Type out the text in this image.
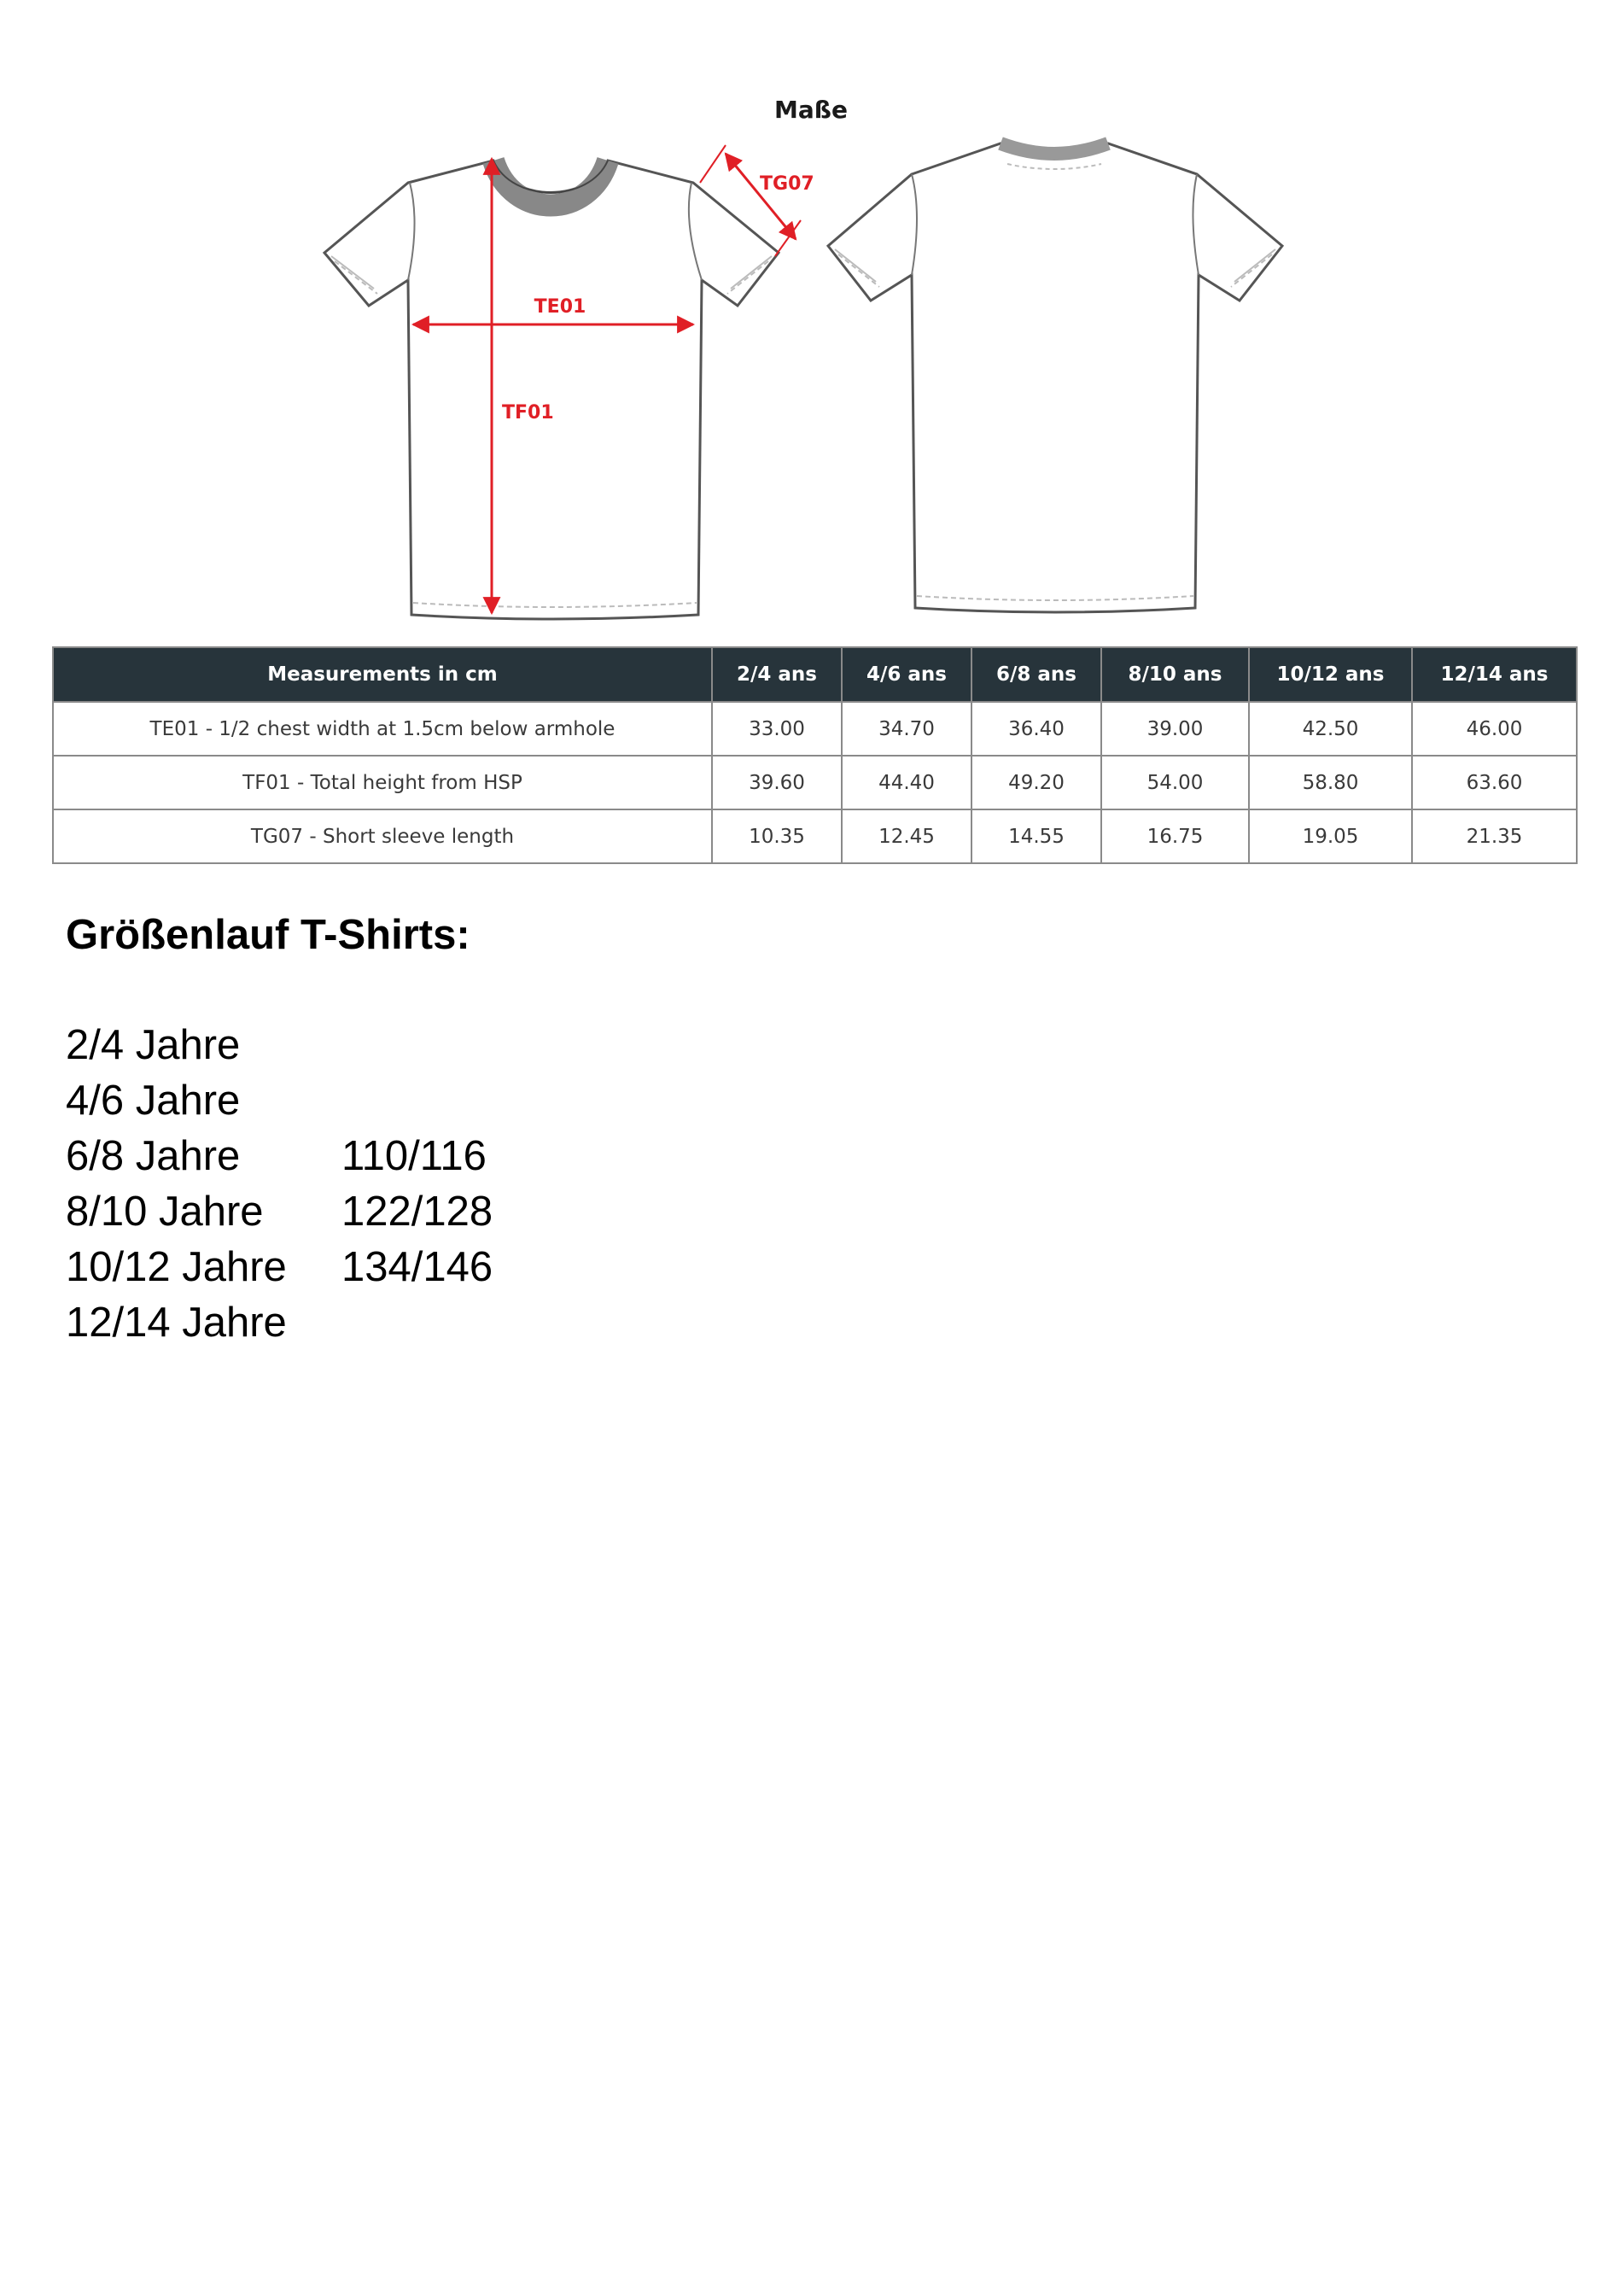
Maße
TE01
TF01
TG07
Measurements in cm	2/4 ans	4/6 ans	6/8 ans	8/10 ans	10/12 ans	12/14 ans
TE01 - 1/2 chest width at 1.5cm below armhole	33.00	34.70	36.40	39.00	42.50	46.00
TF01 - Total height from HSP	39.60	44.40	49.20	54.00	58.80	63.60
TG07 - Short sleeve length	10.35	12.45	14.55	16.75	19.05	21.35
Größenlauf T-Shirts:
2/4 Jahre
4/6 Jahre
6/8 Jahre	110/116
8/10 Jahre	122/128
10/12 Jahre	134/146
12/14 Jahre
